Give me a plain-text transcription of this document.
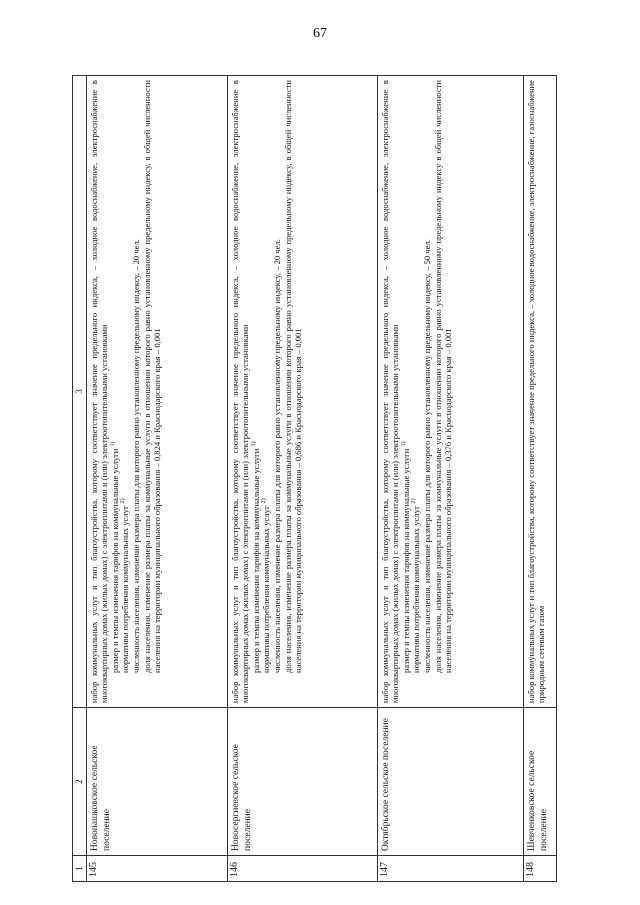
67
1	2	3
145	Новопашковское сельское поселение	набор коммунальных услуг и тип благоустройства, которому соответствует значение предельного индекса, – холодное водоснабжение, электроснабжение в многоквартирных домах (жилых домах) с электроплитами и (или) электроотопительными установками размер и темпы изменения тарифов на коммунальные услуги $^{1)}$

нормативы потребления коммунальных услуг $^{2)}$ численность населения, изменение размера платы для которого равно установленному предельному индексу, – 20 чел. доля населения, изменение размера платы за коммунальные услуги в отношении которого равно установленному предельному индексу, в общей численности населения на территории муниципального образования – 0,824 и Краснодарского края – 0,001

146	Новосергиевское сельское поселение	набор коммунальных услуг и тип благоустройства, которому соответствует значение предельного индекса, – холодное водоснабжение, электроснабжение в многоквартирных домах (жилых домах) с электроплитами и (или) электроотопительными установками размер и темпы изменения тарифов на коммунальные услуги $^{1)}$

нормативы потребления коммунальных услуг $^{2)}$ численность населения, изменение размера платы для которого равно установленному предельному индексу, – 20 чел. доля населения, изменение размера платы за коммунальные услуги в отношении которого равно установленному предельному индексу, в общей численности населения на территории муниципального образования – 0,686 и Краснодарского края – 0,001

147	Октябрьское сельское поселение	набор коммунальных услуг и тип благоустройства, которому соответствует значение предельного индекса, – холодное водоснабжение, электроснабжение в многоквартирных домах (жилых домах) с электроплитами и (или) электроотопительными установками размер и темпы изменения тарифов на коммунальные услуги $^{1)}$

нормативы потребления коммунальных услуг $^{2)}$ численность населения, изменение размера платы для которого равно установленному предельному индексу, – 50 чел. доля населения, изменение размера платы за коммунальные услуги в отношении которого равно установленному предельному индексу в общей численности населения на территории муниципального образования – 0,376 и Краснодарского края – 0,001

148	Шевченковское сельское поселение	набор коммунальных услуг и тип благоустройства, которому соответствует значение предельного индекса, – холодное водоснабжение, электроснабжение, газоснабжение природным сетевым газом
